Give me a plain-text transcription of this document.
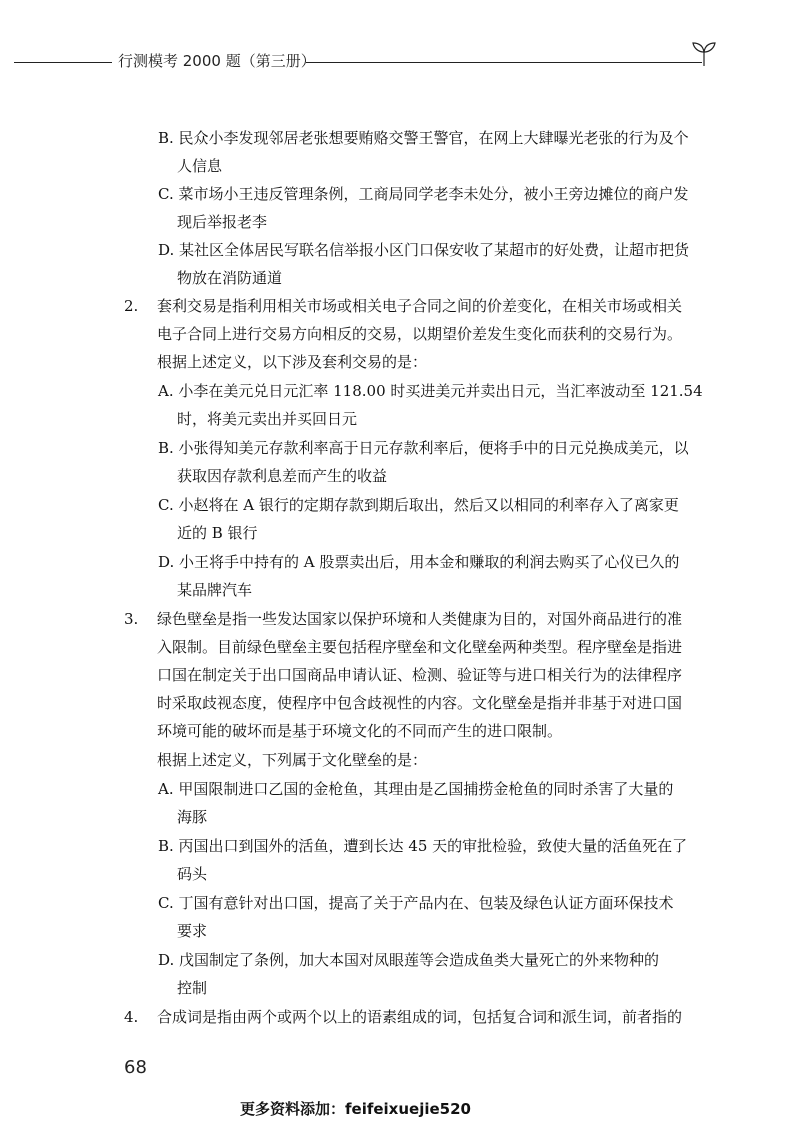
行测模考 2000 题（第三册）
B. 民众小李发现邻居老张想要贿赂交警王警官，在网上大肆曝光老张的行为及个
人信息
C. 菜市场小王违反管理条例，工商局同学老李未处分，被小王旁边摊位的商户发
现后举报老李
D. 某社区全体居民写联名信举报小区门口保安收了某超市的好处费，让超市把货
物放在消防通道
2. 套利交易是指利用相关市场或相关电子合同之间的价差变化，在相关市场或相关
电子合同上进行交易方向相反的交易，以期望价差发生变化而获利的交易行为。
根据上述定义，以下涉及套利交易的是：
A. 小李在美元兑日元汇率 118.00 时买进美元并卖出日元，当汇率波动至 121.54
时，将美元卖出并买回日元
B. 小张得知美元存款利率高于日元存款利率后，便将手中的日元兑换成美元，以
获取因存款利息差而产生的收益
C. 小赵将在 A 银行的定期存款到期后取出，然后又以相同的利率存入了离家更
近的 B 银行
D. 小王将手中持有的 A 股票卖出后，用本金和赚取的利润去购买了心仪已久的
某品牌汽车
3. 绿色壁垒是指一些发达国家以保护环境和人类健康为目的，对国外商品进行的准
入限制。目前绿色壁垒主要包括程序壁垒和文化壁垒两种类型。程序壁垒是指进
口国在制定关于出口国商品申请认证、检测、验证等与进口相关行为的法律程序
时采取歧视态度，使程序中包含歧视性的内容。文化壁垒是指并非基于对进口国
环境可能的破坏而是基于环境文化的不同而产生的进口限制。
根据上述定义，下列属于文化壁垒的是：
A. 甲国限制进口乙国的金枪鱼，其理由是乙国捕捞金枪鱼的同时杀害了大量的
海豚
B. 丙国出口到国外的活鱼，遭到长达 45 天的审批检验，致使大量的活鱼死在了
码头
C. 丁国有意针对出口国，提高了关于产品内在、包装及绿色认证方面环保技术
要求
D. 戊国制定了条例，加大本国对凤眼莲等会造成鱼类大量死亡的外来物种的
控制
4. 合成词是指由两个或两个以上的语素组成的词，包括复合词和派生词，前者指的
68
更多资料添加：feifeixuejie520
